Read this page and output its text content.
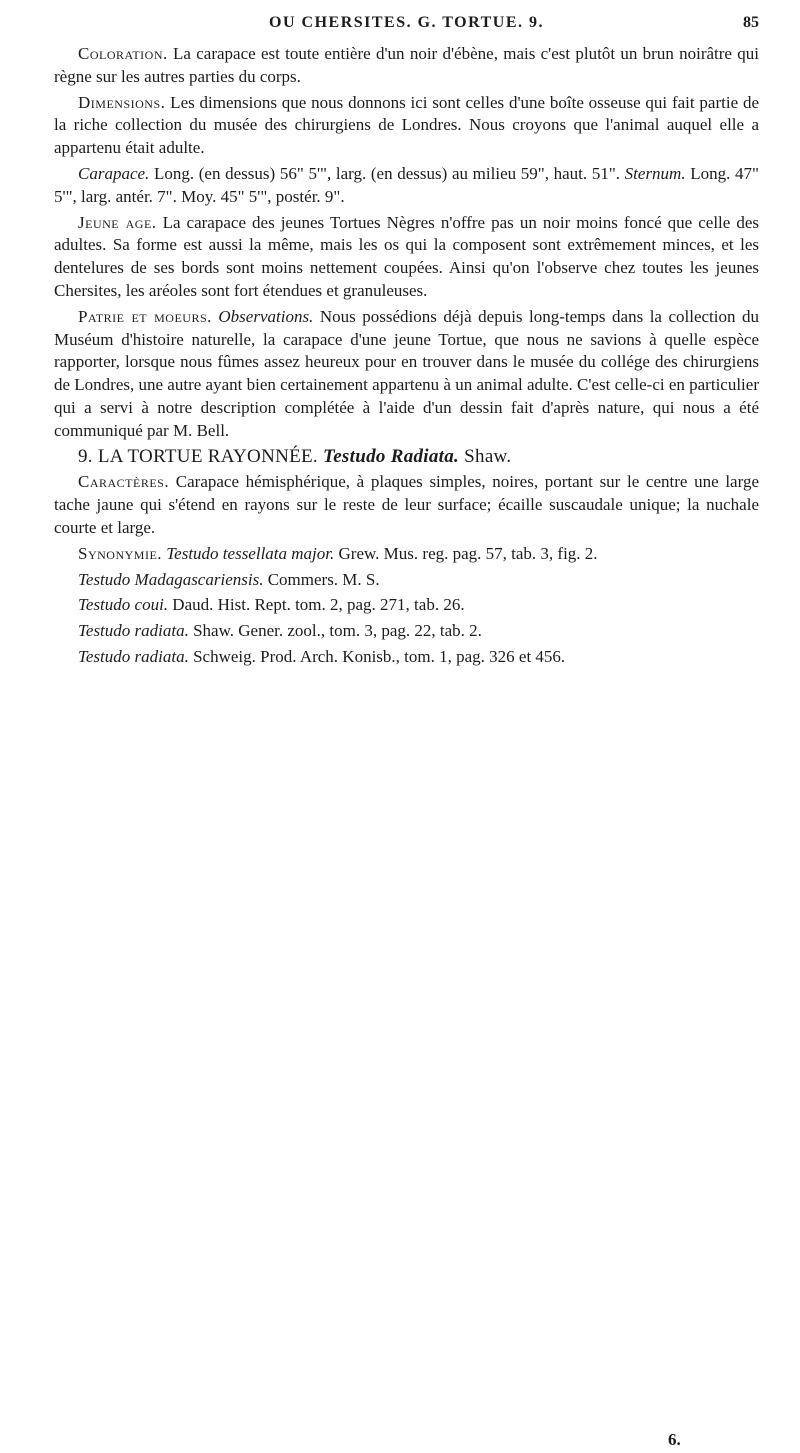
OU CHERSITES. G. TORTUE. 9.	85

Coloration. La carapace est toute entière d'un noir d'ébène, mais c'est plutôt un brun noirâtre qui règne sur les autres parties du corps.

Dimensions. Les dimensions que nous donnons ici sont celles d'une boîte osseuse qui fait partie de la riche collection du musée des chirurgiens de Londres. Nous croyons que l'animal auquel elle a appartenu était adulte.

Carapace. Long. (en dessus) 56" 5'", larg. (en dessus) au milieu 59", haut. 51". Sternum. Long. 47" 5'", larg. antér. 7". Moy. 45" 5'", postér. 9".

Jeune age. La carapace des jeunes Tortues Nègres n'offre pas un noir moins foncé que celle des adultes. Sa forme est aussi la même, mais les os qui la composent sont extrêmement minces, et les dentelures de ses bords sont moins nettement coupées. Ainsi qu'on l'observe chez toutes les jeunes Chersites, les aréoles sont fort étendues et granuleuses.

Patrie et moeurs. Observations. Nous possédions déjà depuis long-temps dans la collection du Muséum d'histoire naturelle, la carapace d'une jeune Tortue, que nous ne savions à quelle espèce rapporter, lorsque nous fûmes assez heureux pour en trouver dans le musée du collége des chirurgiens de Londres, une autre ayant bien certainement appartenu à un animal adulte. C'est celle-ci en particulier qui a servi à notre description complétée à l'aide d'un dessin fait d'après nature, qui nous a été communiqué par M. Bell.

9. LA TORTUE RAYONNÉE. Testudo Radiata. Shaw.

Caractères. Carapace hémisphérique, à plaques simples, noires, portant sur le centre une large tache jaune qui s'étend en rayons sur le reste de leur surface; écaille suscaudale unique; la nuchale courte et large.

Synonymie. Testudo tessellata major. Grew. Mus. reg. pag. 57, tab. 3, fig. 2.

Testudo Madagascariensis. Commers. M. S.

Testudo coui. Daud. Hist. Rept. tom. 2, pag. 271, tab. 26.

Testudo radiata. Shaw. Gener. zool., tom. 3, pag. 22, tab. 2.

Testudo radiata. Schweig. Prod. Arch. Konisb., tom. 1, pag. 326 et 456.

6.
